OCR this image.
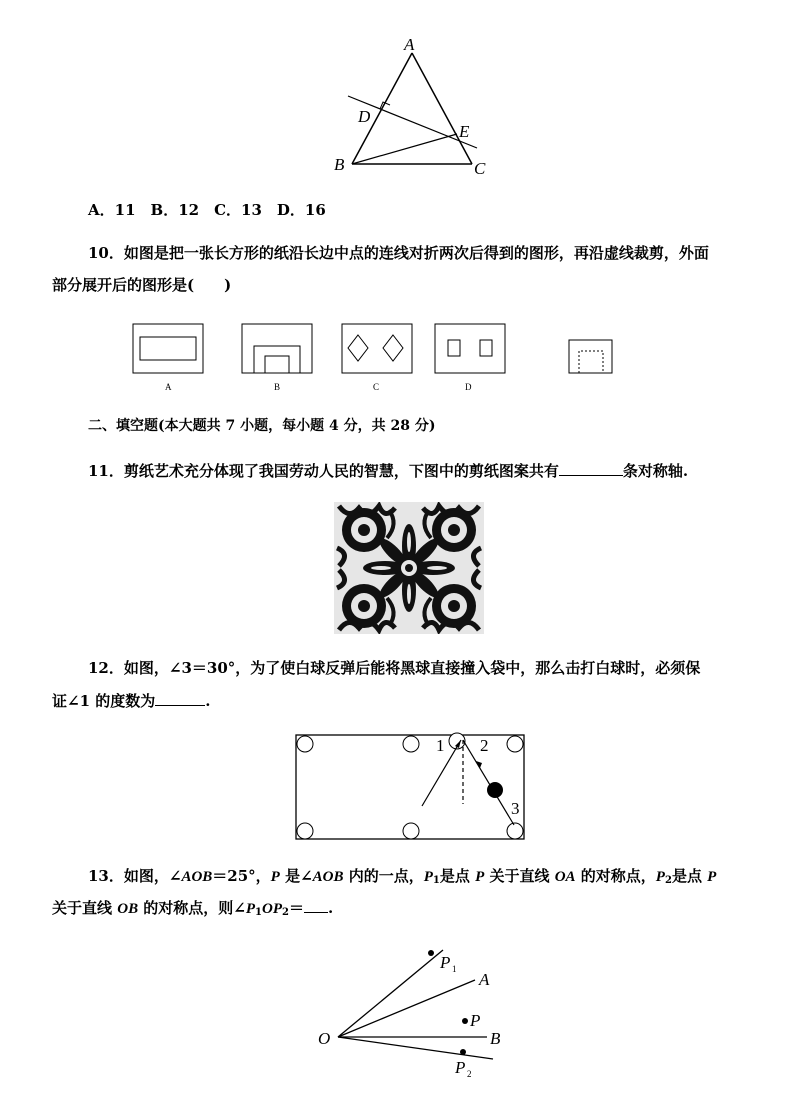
A
D
E
B	C
A．11　B．12　C．13　D．16
10．如图是把一张长方形的纸沿长边中点的连线对折两次后得到的图形，再沿虚线裁剪，外面
部分展开后的图形是(　　)
A	B	C	D
二、填空题(本大题共 7 小题，每小题 4 分，共 28 分)
11．剪纸艺术充分体现了我国劳动人民的智慧，下图中的剪纸图案共有	条对称轴.
12．如图，∠3＝30°，为了使白球反弹后能将黑球直接撞入袋中，那么击打白球时，必须保
证∠1 的度数为	.
1 2
3
13．如图，∠AOB＝25°，P 是∠AOB 内的一点，$P_1$是点 P 关于直线 OA 的对称点，$P_2$是点 P
关于直线 OB 的对称点，则$\angle P_1OP_2=$ .
O
P 1
A
P
B
P 2
